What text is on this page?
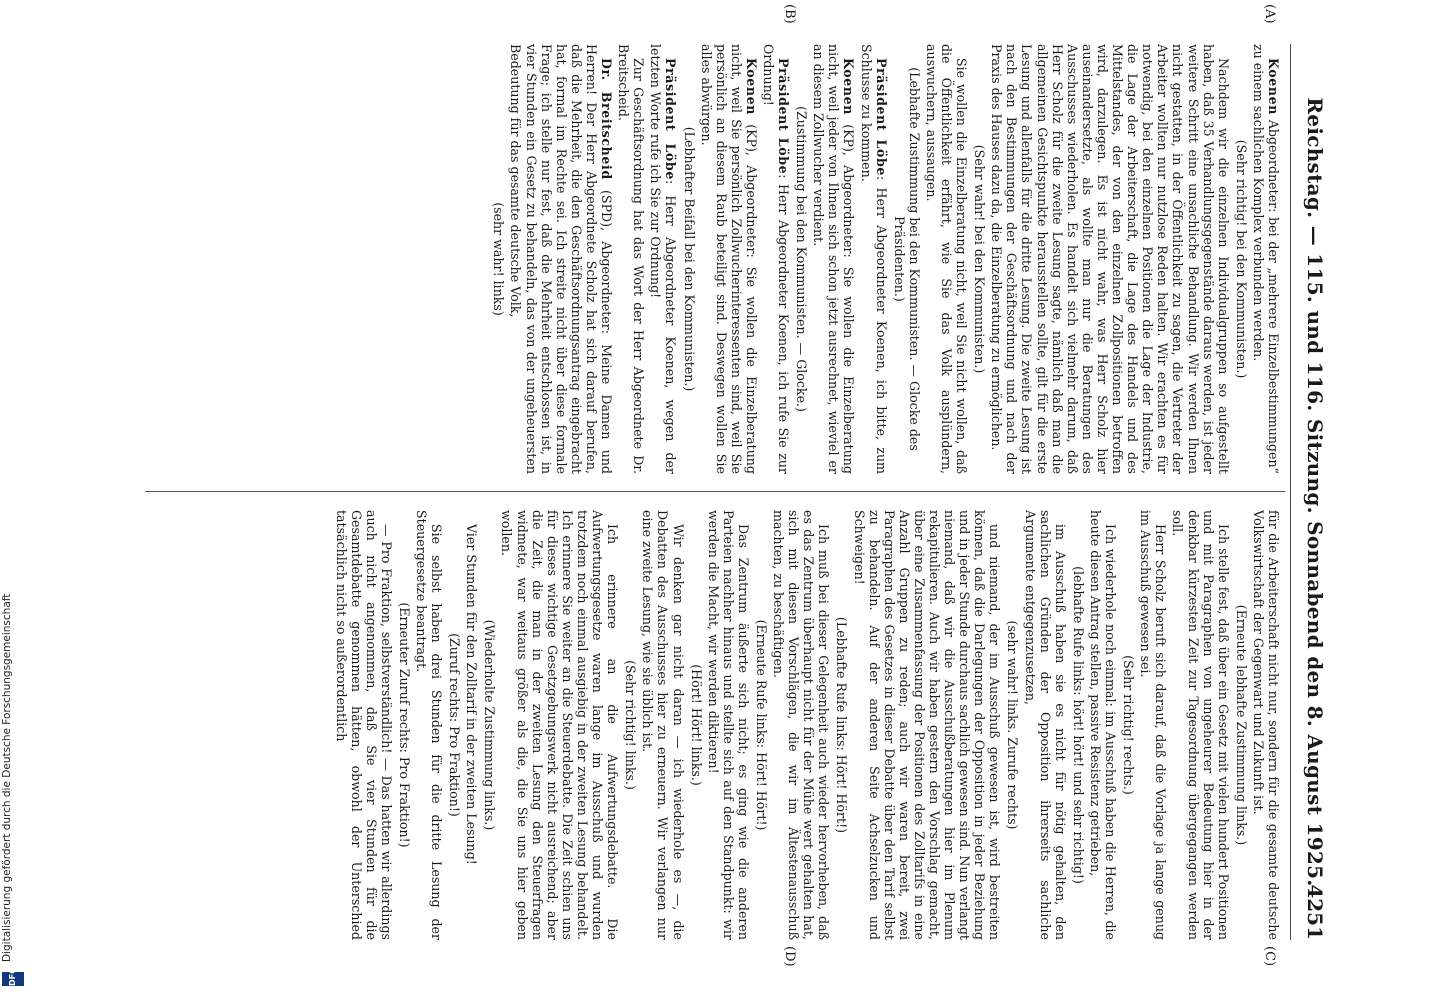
Reichstag. — 115. und 116. Sitzung. Sonnabend den 8. August 1925.
4251
(A)
(B)
(C)
(D)

Koenen Abgeordneter: bei der „mehrere Einzelbestimmungen“ zu einem sachlichen Komplex verbunden werden.

(Sehr richtig! bei den Kommunisten.)

Nachdem wir die einzelnen Individualgruppen so aufgestellt haben, daß 35 Verhandlungsgegenstände daraus werden, ist jeder weitere Schritt eine unsachliche Behandlung. Wir werden Ihnen nicht gestatten, in der Öffentlichkeit zu sagen, die Vertreter der Arbeiter wollten nur nutzlose Reden halten. Wir erachten es für notwendig, bei den einzelnen Positionen die Lage der Industrie, die Lage der Arbeiterschaft, die Lage des Handels und des Mittelstandes, der von den einzelnen Zollpositionen betroffen wird, darzulegen. Es ist nicht wahr, was Herr Scholz hier auseinandersetzte, als wollte man nur die Beratungen des Ausschusses wiederholen. Es handelt sich vielmehr darum, daß Herr Scholz für die zweite Lesung sagte, nämlich daß man die allgemeinen Gesichtspunkte herausstellen sollte, gilt für die erste Lesung und allenfalls für die dritte Lesung. Die zweite Lesung ist nach den Bestimmungen der Geschäftsordnung und nach der Praxis des Hauses dazu da, die Einzelberatung zu ermöglichen.

(Sehr wahr! bei den Kommunisten.)

Sie wollen die Einzelberatung nicht, weil Sie nicht wollen, daß die Öffentlichkeit erfährt, wie Sie das Volk ausplündern, auswuchern, aussaugen.

(Lebhafte Zustimmung bei den Kommunisten. — Glocke des Präsidenten.)

Präsident Löbe: Herr Abgeordneter Koenen, ich bitte, zum Schlusse zu kommen.

Koenen (KP), Abgeordneter: Sie wollen die Einzelberatung nicht, weil jeder von Ihnen sich schon jetzt ausrechnet, wieviel er an diesem Zollwucher verdient.

(Zustimmung bei den Kommunisten. — Glocke.)

Präsident Löbe: Herr Abgeordneter Koenen, ich rufe Sie zur Ordnung!

Koenen (KP), Abgeordneter: Sie wollen die Einzelberatung nicht, weil Sie persönlich Zollwucherinteressenten sind, weil Sie persönlich an diesem Raub beteiligt sind. Deswegen wollen Sie alles abwürgen.

(Lebhafter Beifall bei den Kommunisten.)

Präsident Löbe: Herr Abgeordneter Koenen, wegen der letzten Worte rufe ich Sie zur Ordnung!

Zur Geschäftsordnung hat das Wort der Herr Abgeordnete Dr. Breitscheid.

Dr. Breitscheid (SPD), Abgeordneter: Meine Damen und Herren! Der Herr Abgeordnete Scholz hat sich darauf berufen, daß die Mehrheit, die den Geschäftsordnungsantrag eingebracht hat, formal im Rechte sei. Ich streite nicht über diese formale Frage; ich stelle nur fest, daß die Mehrheit entschlossen ist, in vier Stunden ein Gesetz zu behandeln, das von der ungeheuersten Bedeutung für das gesamte deutsche Volk,

(sehr wahr! links)

für die Arbeiterschaft nicht nur, sondern für die gesamte deutsche Volkswirtschaft der Gegenwart und Zukunft ist.

(Erneute lebhafte Zustimmung links.)

Ich stelle fest, daß über ein Gesetz mit vielen hundert Positionen und mit Paragraphen von ungeheurer Bedeutung hier in der denkbar kürzesten Zeit zur Tagesordnung übergegangen werden soll.

Herr Scholz beruft sich darauf, daß die Vorlage ja lange genug im Ausschuß gewesen sei.

(Sehr richtig! rechts.)

Ich wiederhole noch einmal: im Ausschuß haben die Herren, die heute diesen Antrag stellen, passive Resistenz getrieben,

(lebhafte Rufe links: hört! hört! und sehr richtig!)

im Ausschuß haben sie es nicht für nötig gehalten, den sachlichen Gründen der Opposition ihrerseits sachliche Argumente entgegenzusetzen,

(sehr wahr! links. Zurufe rechts)

und niemand, der im Ausschuß gewesen ist, wird bestreiten können, daß die Darlegungen der Opposition in jeder Beziehung und in jeder Stunde durchaus sachlich gewesen sind. Nun verlangt niemand, daß wir die Ausschußberatungen hier im Plenum rekapitulieren. Auch wir haben gestern den Vorschlag gemacht, über eine Zusammenfassung der Positionen des Zolltarifs in eine Anzahl Gruppen zu reden; auch wir waren bereit, zwei Paragraphen des Gesetzes in dieser Debatte über den Tarif selbst zu behandeln. Auf der anderen Seite Achselzucken und Schweigen!

(Lebhafte Rufe links: Hört! Hört!)

Ich muß bei dieser Gelegenheit auch wieder hervorheben, daß es das Zentrum überhaupt nicht für der Mühe wert gehalten hat, sich mit diesen Vorschlägen, die wir im Ältestenausschuß machten, zu beschäftigen.

(Erneute Rufe links: Hört! Hört!)

Das Zentrum äußerte sich nicht; es ging wie die anderen Parteien nachher hinaus und stellte sich auf den Standpunkt: wir werden die Macht, wir werden diktieren!

(Hört! Hört! links.)

Wir denken gar nicht daran — ich wiederhole es —, die Debatten des Ausschusses hier zu erneuern. Wir verlangen nur eine zweite Lesung, wie sie üblich ist.

(Sehr richtig! links.)

Ich erinnere an die Aufwertungsdebatte. Die Aufwertungsgesetze waren lange im Ausschuß und wurden trotzdem noch einmal ausgiebig in der zweiten Lesung behandelt. Ich erinnere Sie weiter an die Steuerdebatte. Die Zeit schien uns für dieses wichtige Gesetzgebungswerk nicht ausreichend; aber die Zeit, die man in der zweiten Lesung den Steuerfragen widmete, war weitaus größer als die, die Sie uns hier geben wollen.

(Wiederholte Zustimmung links.)

Vier Stunden für den Zolltarif in der zweiten Lesung!

(Zuruf rechts: Pro Fraktion!)

Sie selbst haben drei Stunden für die dritte Lesung der Steuergesetze beantragt.

(Erneuter Zuruf rechts: Pro Fraktion!)

— Pro Fraktion, selbstverständlich! — Das hatten wir allerdings auch nicht angenommen, daß Sie vier Stunden für die Gesamtdebatte genommen hätten, obwohl der Unterschied tatsächlich nicht so außerordentlich

Digitalisierung gefördert durch die Deutsche Forschungsgemeinschaft
DFG
